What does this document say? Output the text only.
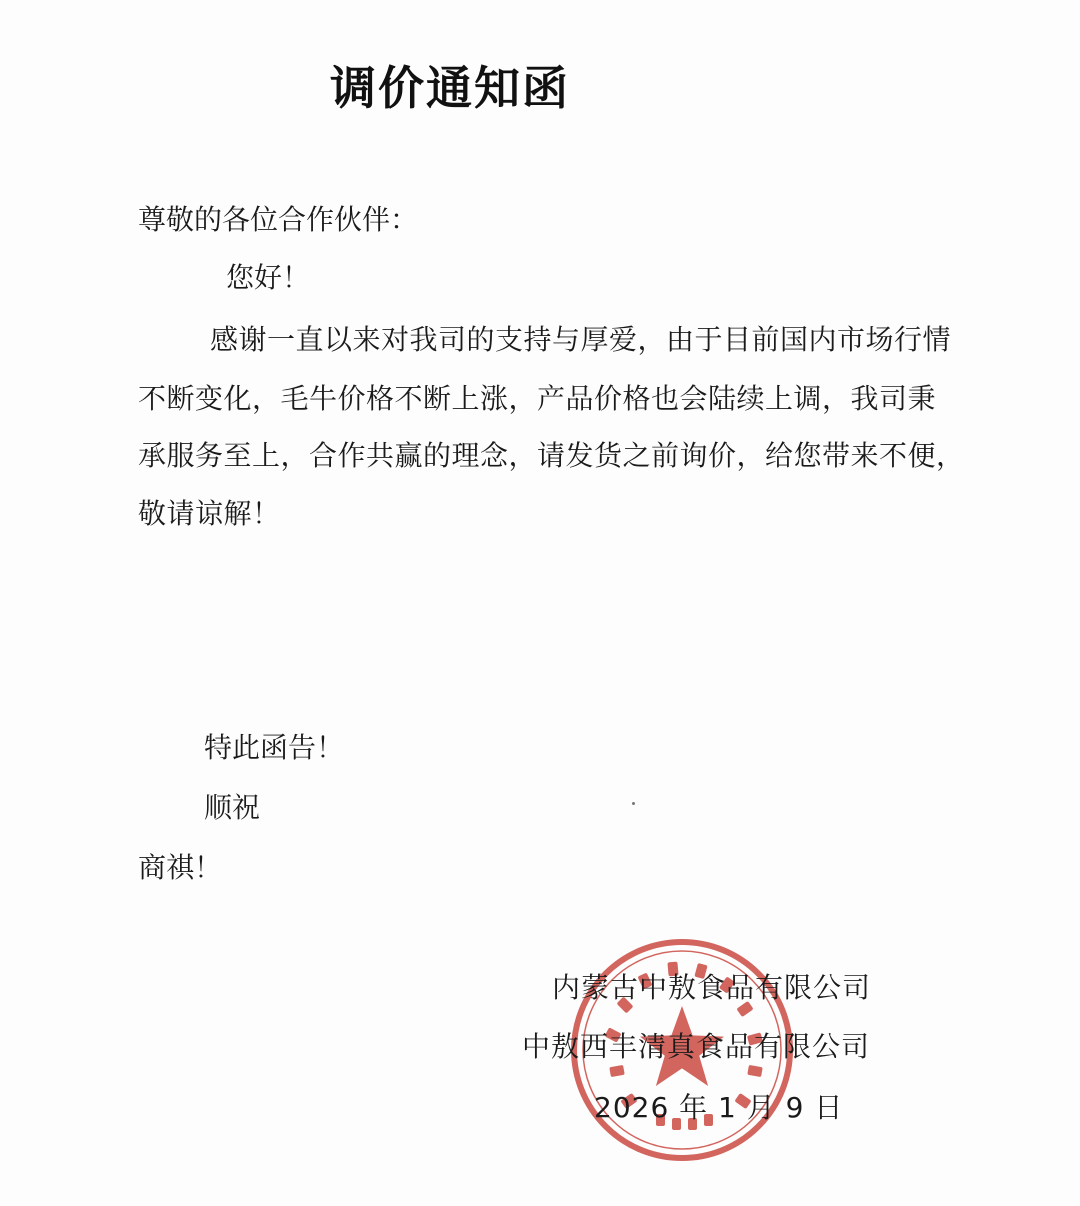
调价通知函
尊敬的各位合作伙伴：
您好！
感谢一直以来对我司的支持与厚爱，由于目前国内市场行情
不断变化，毛牛价格不断上涨，产品价格也会陆续上调，我司秉
承服务至上，合作共赢的理念，请发货之前询价，给您带来不便，
敬请谅解！
特此函告！
顺祝
商祺！
内蒙古中敖食品有限公司
中敖西丰清真食品有限公司
2026 年 1 月 9 日
